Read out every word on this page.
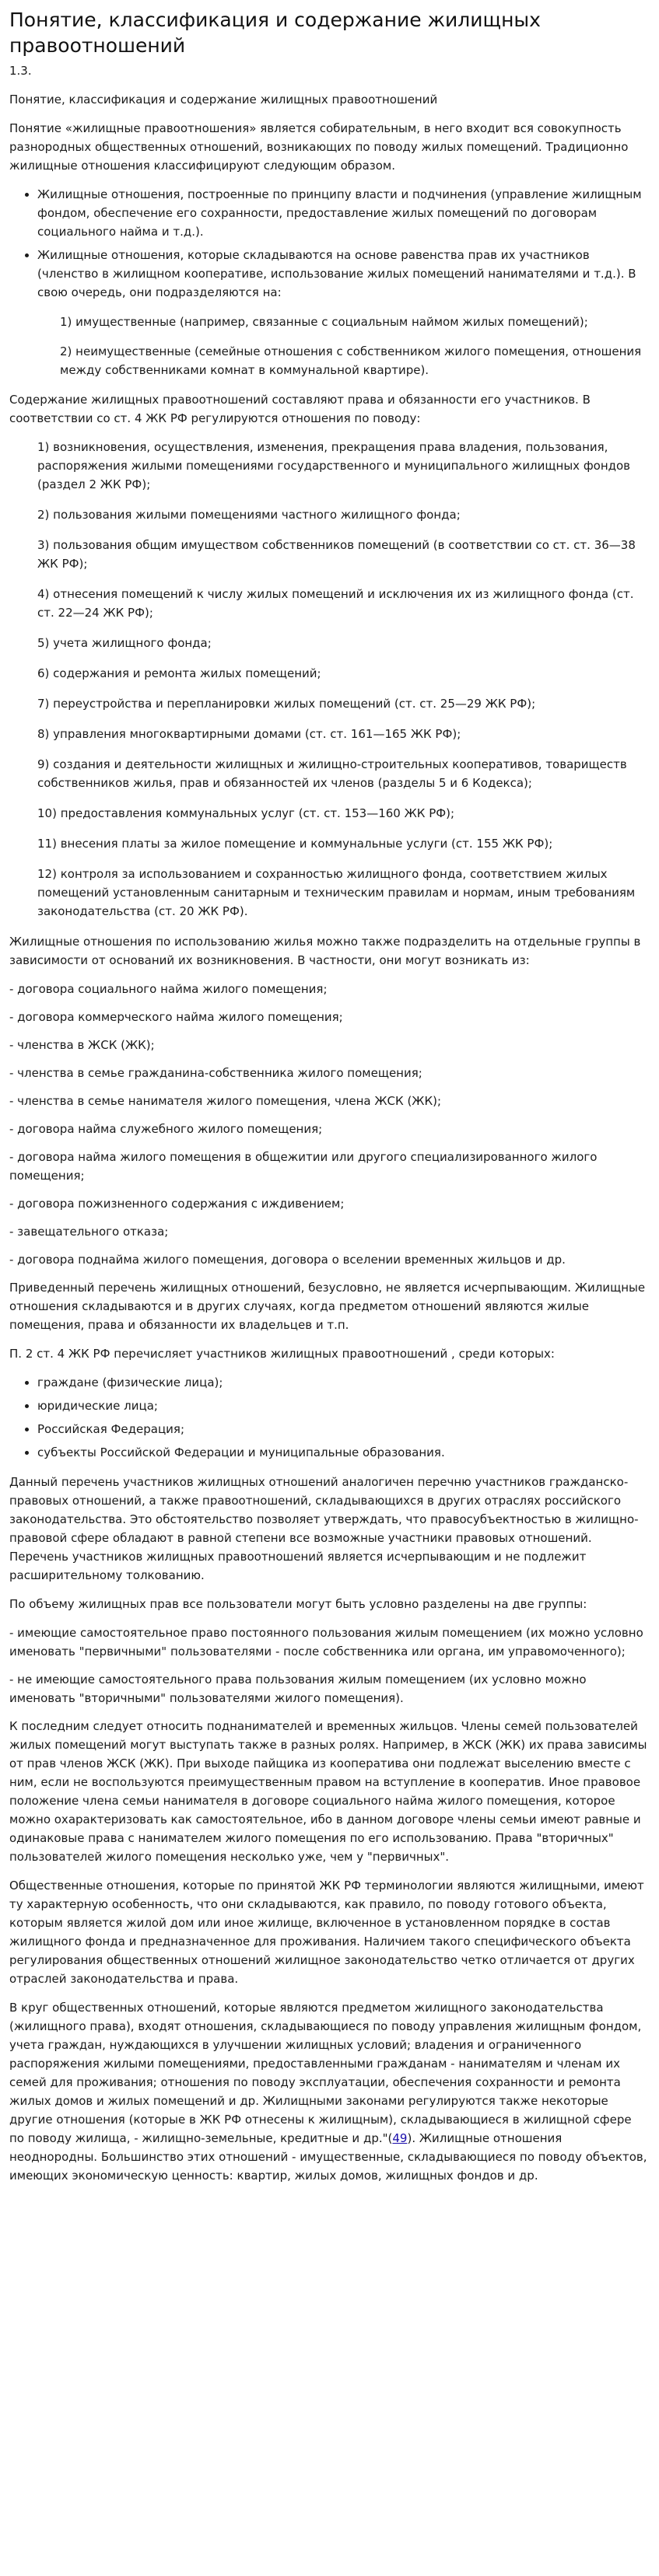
Понятие, классификация и содержание жилищных правоотношений

1.3.

Понятие, классификация и содержание жилищных правоотношений

Понятие «жилищные правоотношения» является собирательным, в него входит вся совокупность разнородных общественных отношений, возникающих по поводу жилых помещений. Традиционно жилищные отношения классифицируют следующим образом.

• Жилищные отношения, построенные по принципу власти и подчинения (управление жилищным фондом, обеспечение его сохранности, предоставление жилых помещений по договорам социального найма и т.д.).
• Жилищные отношения, которые складываются на основе равенства прав их участников (членство в жилищном кооперативе, использование жилых помещений нанимателями и т.д.). В свою очередь, они подразделяются на:

1) имущественные (например, связанные с социальным наймом жилых помещений);

2) неимущественные (семейные отношения с собственником жилого помещения, отношения между собственниками комнат в коммунальной квартире).

Содержание жилищных правоотношений составляют права и обязанности его участников. В соответствии со ст. 4 ЖК РФ регулируются отношения по поводу:

1) возникновения, осуществления, изменения, прекращения права владения, пользования, распоряжения жилыми помещениями государственного и муниципального жилищных фондов (раздел 2 ЖК РФ);

2) пользования жилыми помещениями частного жилищного фонда;

3) пользования общим имуществом собственников помещений (в соответствии со ст. ст. 36—38 ЖК РФ);

4) отнесения помещений к числу жилых помещений и исключения их из жилищного фонда (ст. ст. 22—24 ЖК РФ);

5) учета жилищного фонда;

6) содержания и ремонта жилых помещений;

7) переустройства и перепланировки жилых помещений (ст. ст. 25—29 ЖК РФ);

8) управления многоквартирными домами (ст. ст. 161—165 ЖК РФ);

9) создания и деятельности жилищных и жилищно-строительных кооперативов, товариществ собственников жилья, прав и обязанностей их членов (разделы 5 и 6 Кодекса);

10) предоставления коммунальных услуг (ст. ст. 153—160 ЖК РФ);

11) внесения платы за жилое помещение и коммунальные услуги (ст. 155 ЖК РФ);

12) контроля за использованием и сохранностью жилищного фонда, соответствием жилых помещений установленным санитарным и техническим правилам и нормам, иным требованиям законодательства (ст. 20 ЖК РФ).

Жилищные отношения по использованию жилья можно также подразделить на отдельные группы в зависимости от оснований их возникновения. В частности, они могут возникать из:

- договора социального найма жилого помещения;

- договора коммерческого найма жилого помещения;

- членства в ЖСК (ЖК);

- членства в семье гражданина-собственника жилого помещения;

- членства в семье нанимателя жилого помещения, члена ЖСК (ЖК);

- договора найма служебного жилого помещения;

- договора найма жилого помещения в общежитии или другого специализированного жилого помещения;

- договора пожизненного содержания с иждивением;

- завещательного отказа;

- договора поднайма жилого помещения, договора о вселении временных жильцов и др.

Приведенный перечень жилищных отношений, безусловно, не является исчерпывающим. Жилищные отношения складываются и в других случаях, когда предметом отношений являются жилые помещения, права и обязанности их владельцев и т.п.

П. 2 ст. 4 ЖК РФ перечисляет участников жилищных правоотношений , среди которых:

• граждане (физические лица);
• юридические лица;
• Российская Федерация;
• субъекты Российской Федерации и муниципальные образования.

Данный перечень участников жилищных отношений аналогичен перечню участников гражданско-правовых отношений, а также правоотношений, складывающихся в других отраслях российского законодательства. Это обстоятельство позволяет утверждать, что правосубъектностью в жилищно-правовой сфере обладают в равной степени все возможные участники правовых отношений. Перечень участников жилищных правоотношений является исчерпывающим и не подлежит расширительному толкованию.

По объему жилищных прав все пользователи могут быть условно разделены на две группы:

- имеющие самостоятельное право постоянного пользования жилым помещением (их можно условно именовать "первичными" пользователями - после собственника или органа, им управомоченного);

- не имеющие самостоятельного права пользования жилым помещением (их условно можно именовать "вторичными" пользователями жилого помещения).

К последним следует относить поднанимателей и временных жильцов. Члены семей пользователей жилых помещений могут выступать также в разных ролях. Например, в ЖСК (ЖК) их права зависимы от прав членов ЖСК (ЖК). При выходе пайщика из кооператива они подлежат выселению вместе с ним, если не воспользуются преимущественным правом на вступление в кооператив. Иное правовое положение члена семьи нанимателя в договоре социального найма жилого помещения, которое можно охарактеризовать как самостоятельное, ибо в данном договоре члены семьи имеют равные и одинаковые права с нанимателем жилого помещения по его использованию. Права "вторичных" пользователей жилого помещения несколько уже, чем у "первичных".

Общественные отношения, которые по принятой ЖК РФ терминологии являются жилищными, имеют ту характерную особенность, что они складываются, как правило, по поводу готового объекта, которым является жилой дом или иное жилище, включенное в установленном порядке в состав жилищного фонда и предназначенное для проживания. Наличием такого специфического объекта регулирования общественных отношений жилищное законодательство четко отличается от других отраслей законодательства и права.

В круг общественных отношений, которые являются предметом жилищного законодательства (жилищного права), входят отношения, складывающиеся по поводу управления жилищным фондом, учета граждан, нуждающихся в улучшении жилищных условий; владения и ограниченного распоряжения жилыми помещениями, предоставленными гражданам - нанимателям и членам их семей для проживания; отношения по поводу эксплуатации, обеспечения сохранности и ремонта жилых домов и жилых помещений и др. Жилищными законами регулируются также некоторые другие отношения (которые в ЖК РФ отнесены к жилищным), складывающиеся в жилищной сфере по поводу жилища, - жилищно-земельные, кредитные и др."(49). Жилищные отношения неоднородны. Большинство этих отношений - имущественные, складывающиеся по поводу объектов, имеющих экономическую ценность: квартир, жилых домов, жилищных фондов и др.
